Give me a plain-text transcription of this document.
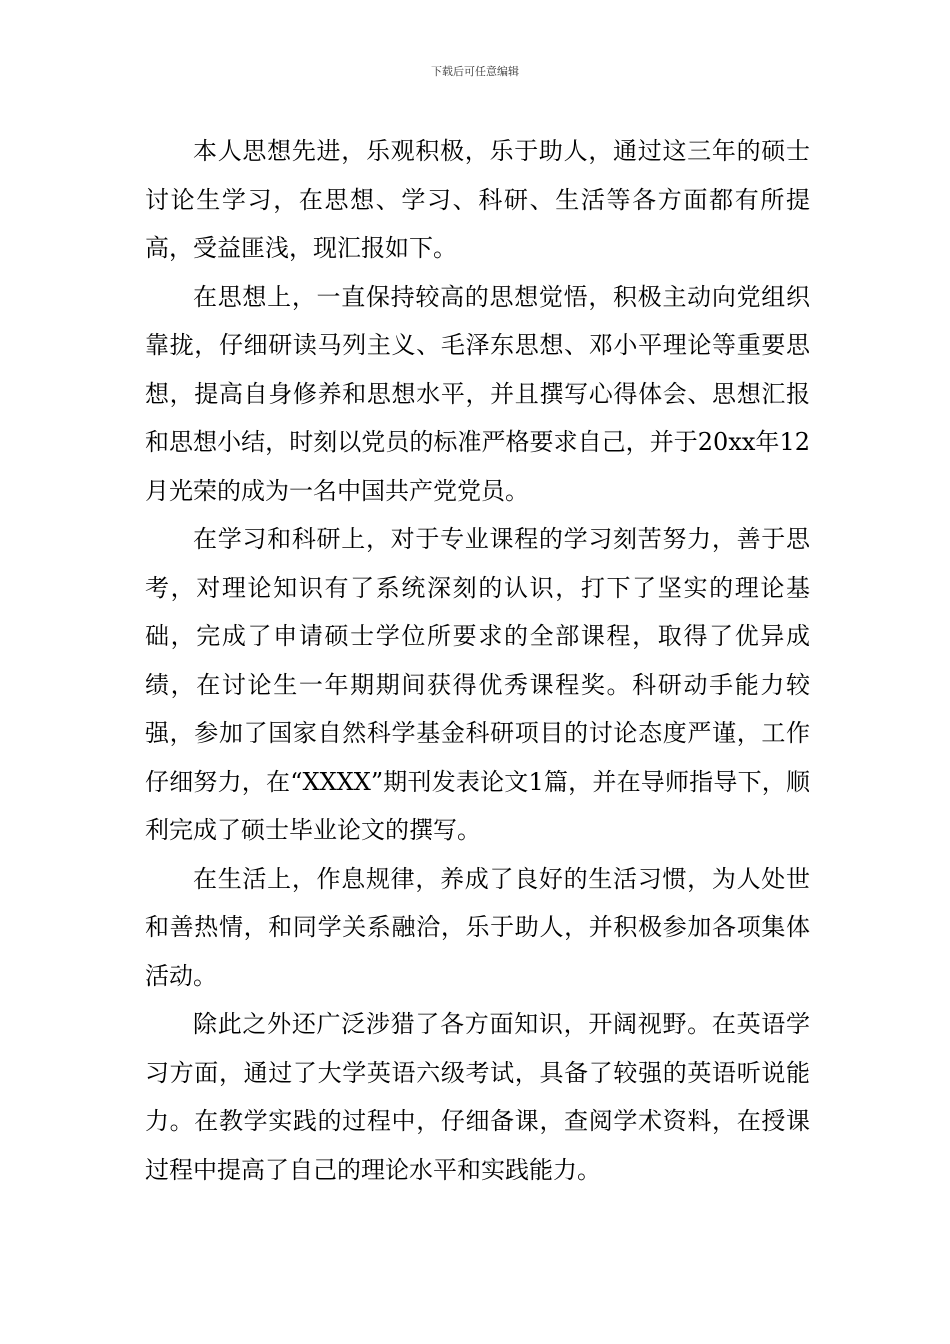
下载后可任意编辑

本人思想先进，乐观积极，乐于助人，通过这三年的硕士讨论生学习，在思想、学习、科研、生活等各方面都有所提高，受益匪浅，现汇报如下。

在思想上，一直保持较高的思想觉悟，积极主动向党组织靠拢，仔细研读马列主义、毛泽东思想、邓小平理论等重要思想，提高自身修养和思想水平，并且撰写心得体会、思想汇报和思想小结，时刻以党员的标准严格要求自己，并于20xx年12月光荣的成为一名中国共产党党员。

在学习和科研上，对于专业课程的学习刻苦努力，善于思考，对理论知识有了系统深刻的认识，打下了坚实的理论基础，完成了申请硕士学位所要求的全部课程，取得了优异成绩，在讨论生一年期期间获得优秀课程奖。科研动手能力较强，参加了国家自然科学基金科研项目的讨论态度严谨，工作仔细努力，在“XXXX”期刊发表论文1篇，并在导师指导下，顺利完成了硕士毕业论文的撰写。

在生活上，作息规律，养成了良好的生活习惯，为人处世和善热情，和同学关系融洽，乐于助人，并积极参加各项集体活动。

除此之外还广泛涉猎了各方面知识，开阔视野。在英语学习方面，通过了大学英语六级考试，具备了较强的英语听说能力。在教学实践的过程中，仔细备课，查阅学术资料，在授课过程中提高了自己的理论水平和实践能力。
